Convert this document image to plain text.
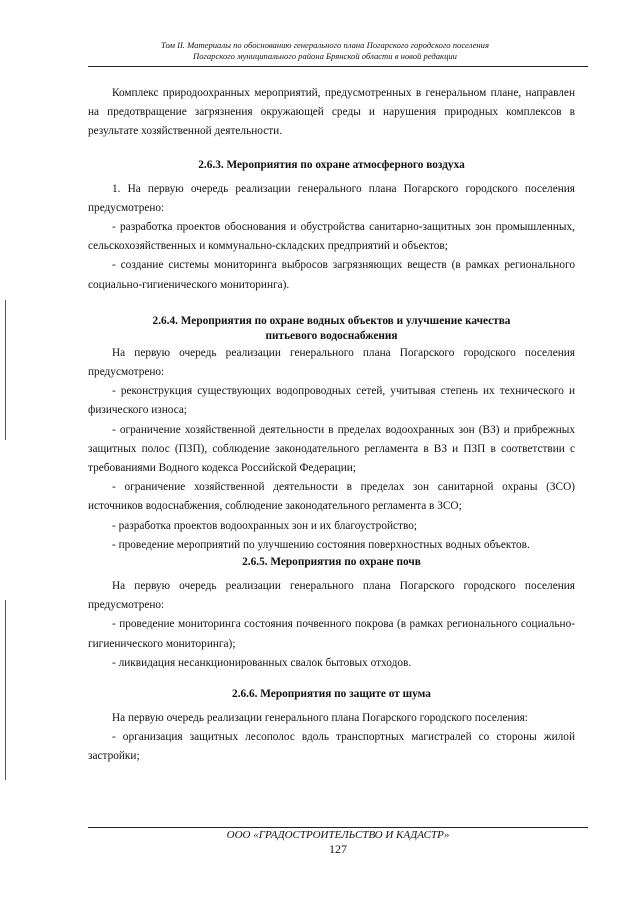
Том II. Материалы по обоснованию генерального плана Погарского городского поселения
Погарского муниципального района Брянской области в новой редакции

Комплекс природоохранных мероприятий, предусмотренных в генеральном плане, направлен на предотвращение загрязнения окружающей среды и нарушения природных комплексов в результате хозяйственной деятельности.

2.6.3. Мероприятия по охране атмосферного воздуха

1. На первую очередь реализации генерального плана Погарского городского поселения предусмотрено:

- разработка проектов обоснования и обустройства санитарно-защитных зон промышленных, сельскохозяйственных и коммунально-складских предприятий и объектов;

- создание системы мониторинга выбросов загрязняющих веществ (в рамках регионального социально-гигиенического мониторинга).

2.6.4. Мероприятия по охране водных объектов и улучшение качества
питьевого водоснабжения

На первую очередь реализации генерального плана Погарского городского поселения предусмотрено:

- реконструкция существующих водопроводных сетей, учитывая степень их технического и физического износа;

- ограничение хозяйственной деятельности в пределах водоохранных зон (ВЗ) и прибрежных защитных полос (ПЗП), соблюдение законодательного регламента в ВЗ и ПЗП в соответствии с требованиями Водного кодекса Российской Федерации;

- ограничение хозяйственной деятельности в пределах зон санитарной охраны (ЗСО) источников водоснабжения, соблюдение законодательного регламента в ЗСО;

- разработка проектов водоохранных зон и их благоустройство;

- проведение мероприятий по улучшению состояния поверхностных водных объектов.

2.6.5. Мероприятия по охране почв

На первую очередь реализации генерального плана Погарского городского поселения предусмотрено:

- проведение мониторинга состояния почвенного покрова (в рамках регионального социально-гигиенического мониторинга);

- ликвидация несанкционированных свалок бытовых отходов.

2.6.6. Мероприятия по защите от шума

На первую очередь реализации генерального плана Погарского городского поселения:

- организация защитных лесополос вдоль транспортных магистралей со стороны жилой застройки;

ООО «ГРАДОСТРОИТЕЛЬСТВО И КАДАСТР»
127
